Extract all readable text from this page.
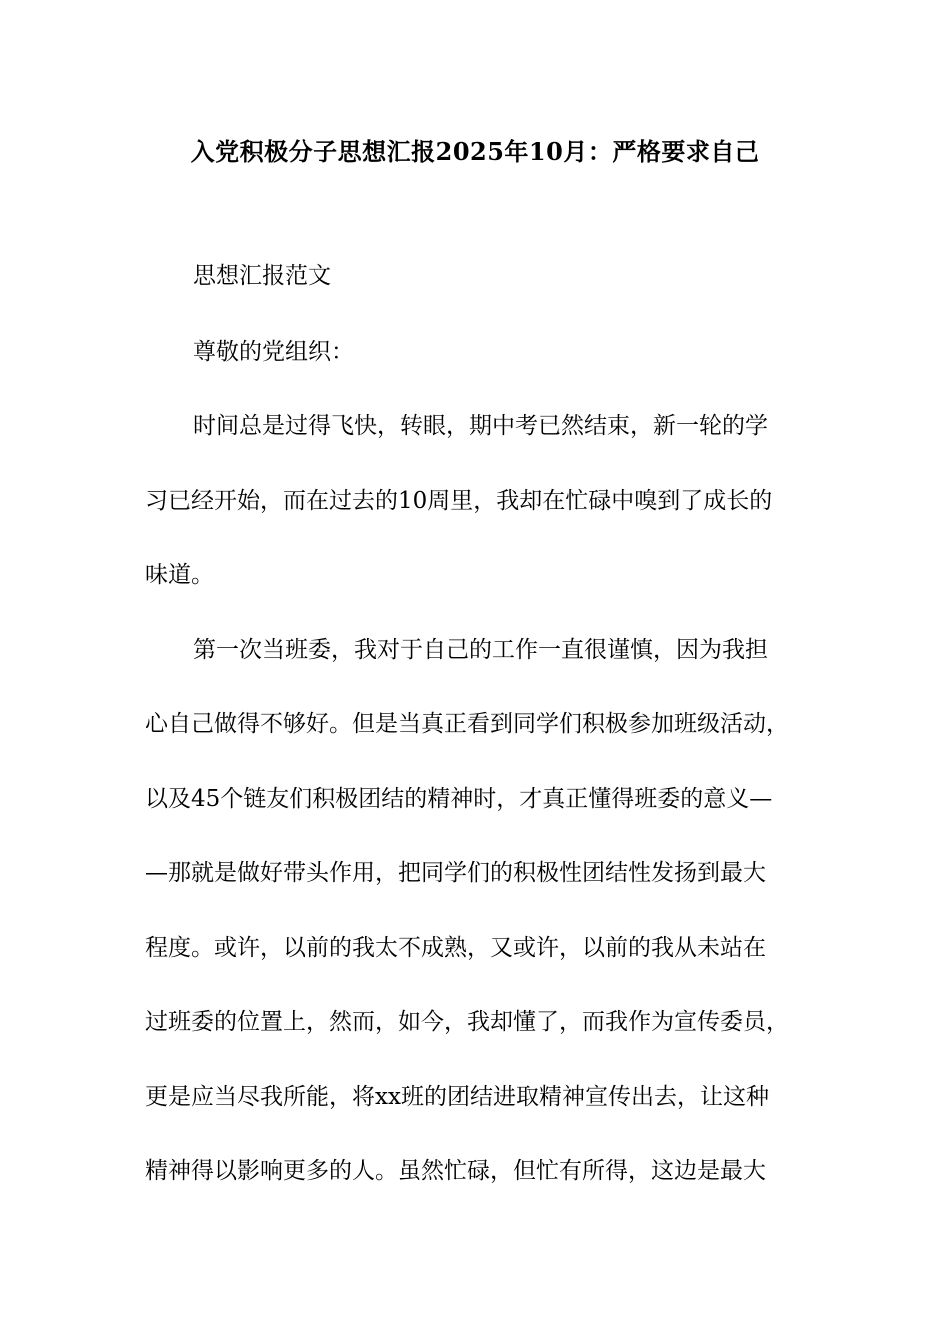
入党积极分子思想汇报2025年10月：严格要求自己
思想汇报范文
尊敬的党组织：
时间总是过得飞快，转眼，期中考已然结束，新一轮的学
习已经开始，而在过去的10周里，我却在忙碌中嗅到了成长的
味道。
第一次当班委，我对于自己的工作一直很谨慎，因为我担
心自己做得不够好。但是当真正看到同学们积极参加班级活动，
以及45个链友们积极团结的精神时，才真正懂得班委的意义—
—那就是做好带头作用，把同学们的积极性团结性发扬到最大
程度。或许，以前的我太不成熟，又或许，以前的我从未站在
过班委的位置上，然而，如今，我却懂了，而我作为宣传委员，
更是应当尽我所能，将xx班的团结进取精神宣传出去，让这种
精神得以影响更多的人。虽然忙碌，但忙有所得，这边是最大
